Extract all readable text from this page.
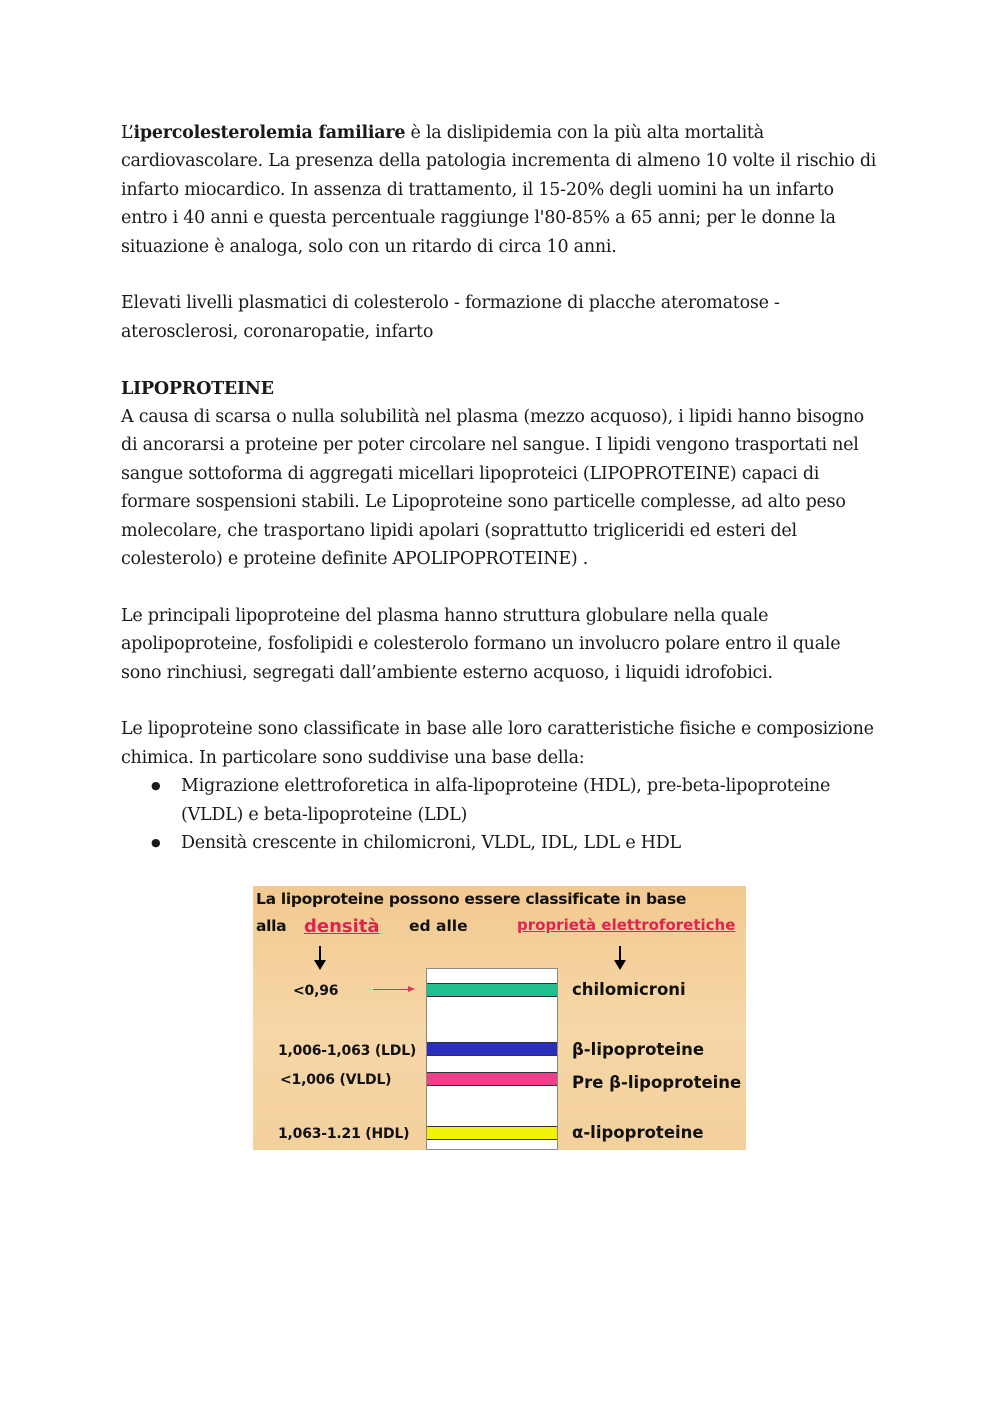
L’ipercolesterolemia familiare è la dislipidemia con la più alta mortalità cardiovascolare. La presenza della patologia incrementa di almeno 10 volte il rischio di infarto miocardico. In assenza di trattamento, il 15-20% degli uomini ha un infarto entro i 40 anni e questa percentuale raggiunge l'80-85% a 65 anni; per le donne la situazione è analoga, solo con un ritardo di circa 10 anni.

Elevati livelli plasmatici di colesterolo - formazione di placche ateromatose - aterosclerosi, coronaropatie, infarto

LIPOPROTEINE

A causa di scarsa o nulla solubilità nel plasma (mezzo acquoso), i lipidi hanno bisogno di ancorarsi a proteine per poter circolare nel sangue. I lipidi vengono trasportati nel sangue sottoforma di aggregati micellari lipoproteici (LIPOPROTEINE) capaci di formare sospensioni stabili. Le Lipoproteine sono particelle complesse, ad alto peso molecolare, che trasportano lipidi apolari (soprattutto trigliceridi ed esteri del colesterolo) e proteine definite APOLIPOPROTEINE) .

Le principali lipoproteine del plasma hanno struttura globulare nella quale apolipoproteine, fosfolipidi e colesterolo formano un involucro polare entro il quale sono rinchiusi, segregati dall’ambiente esterno acquoso, i liquidi idrofobici.

Le lipoproteine sono classificate in base alle loro caratteristiche fisiche e composizione chimica. In particolare sono suddivise una base della:

● Migrazione elettroforetica in alfa-lipoproteine (HDL), pre-beta-lipoproteine (VLDL) e beta-lipoproteine (LDL)
● Densità crescente in chilomicroni, VLDL, IDL, LDL e HDL
La lipoproteine possono essere classificate in base
alla densità ed alle	proprietà elettroforetiche
<0,96
1,006-1,063 (LDL)
<1,006 (VLDL)
1,063-1.21 (HDL)
chilomicroni
β-lipoproteine
Pre β-lipoproteine
α-lipoproteine
